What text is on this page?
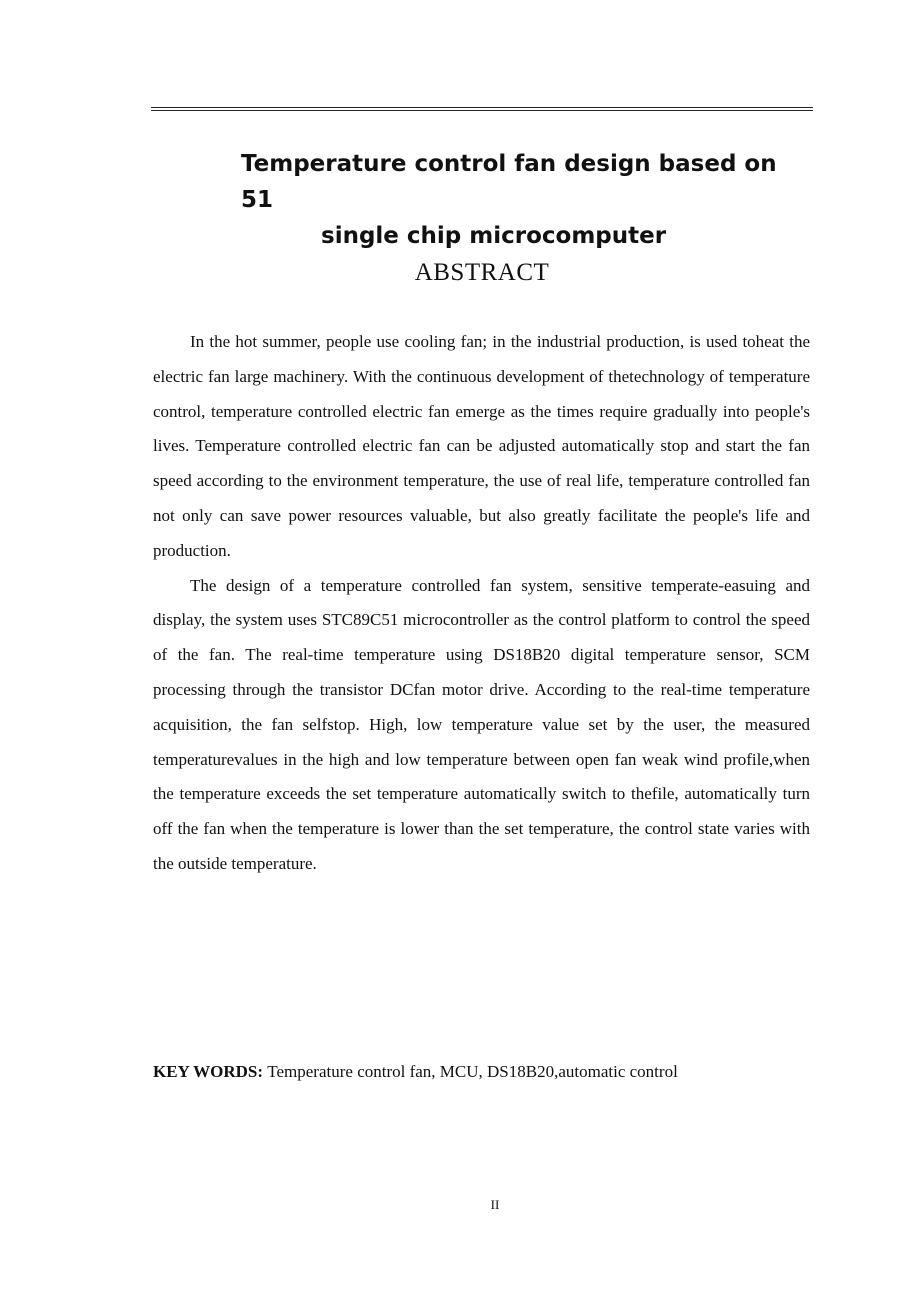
Temperature control fan design based on 51
single chip microcomputer
ABSTRACT

In the hot summer, people use cooling fan; in the industrial production, is used toheat the electric fan large machinery. With the continuous development of thetechnology of temperature control, temperature controlled electric fan emerge as the times require gradually into people's lives. Temperature controlled electric fan can be adjusted automatically stop and start the fan speed according to the environment temperature, the use of real life, temperature controlled fan not only can save power resources valuable, but also greatly facilitate the people's life and production.

The design of a temperature controlled fan system, sensitive temperate-easuing and display, the system uses STC89C51 microcontroller as the control platform to control the speed of the fan. The real-time temperature using DS18B20 digital temperature sensor, SCM processing through the transistor DCfan motor drive. According to the real-time temperature acquisition, the fan selfstop. High, low temperature value set by the user, the measured temperaturevalues in the high and low temperature between open fan weak wind profile,when the temperature exceeds the set temperature automatically switch to thefile, automatically turn off the fan when the temperature is lower than the set temperature, the control state varies with the outside temperature.

KEY WORDS: Temperature control fan, MCU, DS18B20,automatic control
II
